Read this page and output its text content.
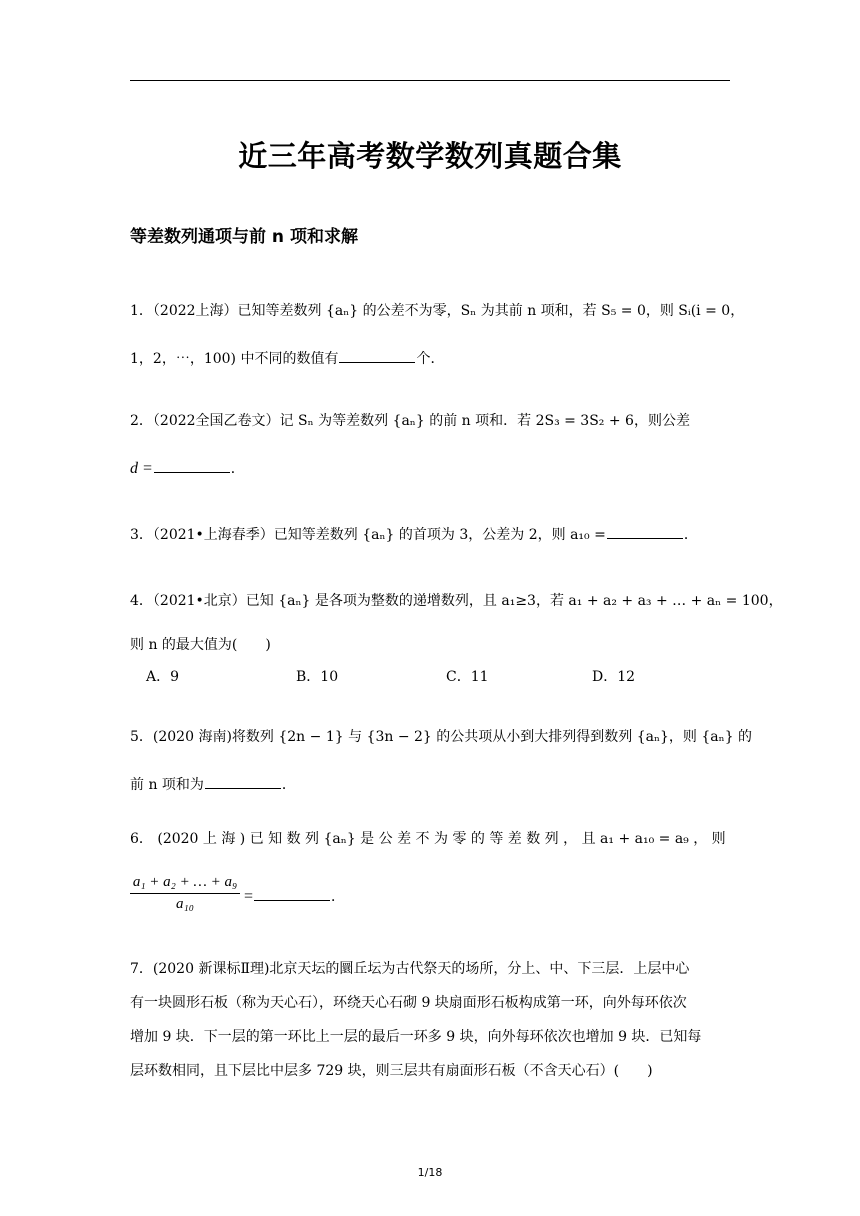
近三年高考数学数列真题合集
等差数列通项与前 n 项和求解
1．（2022上海）已知等差数列 {aₙ} 的公差不为零，Sₙ 为其前 n 项和，若 S₅ = 0，则 Sᵢ(i = 0，
1，2，⋯，100) 中不同的数值有	个．
2．（2022全国乙卷文）记 Sₙ 为等差数列 {aₙ} 的前 n 项和．若 2S₃ = 3S₂ + 6，则公差
d =	．
3．（2021•上海春季）已知等差数列 {aₙ} 的首项为 3，公差为 2，则 a₁₀ =	．
4．（2021•北京）已知 {aₙ} 是各项为整数的递增数列，且 a₁≥3，若 a₁ + a₂ + a₃ + … + aₙ = 100，
则 n 的最大值为(　　)
A．9	B．10	C．11	D．12
5．(2020 海南)将数列 {2n − 1} 与 {3n − 2} 的公共项从小到大排列得到数列 {aₙ}，则 {aₙ} 的
前 n 项和为	．
6． (2020 上 海 ) 已 知 数 列 {aₙ} 是 公 差 不 为 零 的 等 差 数 列 ， 且 a₁ + a₁₀ = a₉ ， 则
a₁ + a₂ + … + a₉
a₁₀	=	．
7．(2020 新课标Ⅱ理)北京天坛的圜丘坛为古代祭天的场所，分上、中、下三层．上层中心
有一块圆形石板（称为天心石），环绕天心石砌 9 块扇面形石板构成第一环，向外每环依次
增加 9 块．下一层的第一环比上一层的最后一环多 9 块，向外每环依次也增加 9 块．已知每
层环数相同，且下层比中层多 729 块，则三层共有扇面形石板（不含天心石）(　　)
1/18
